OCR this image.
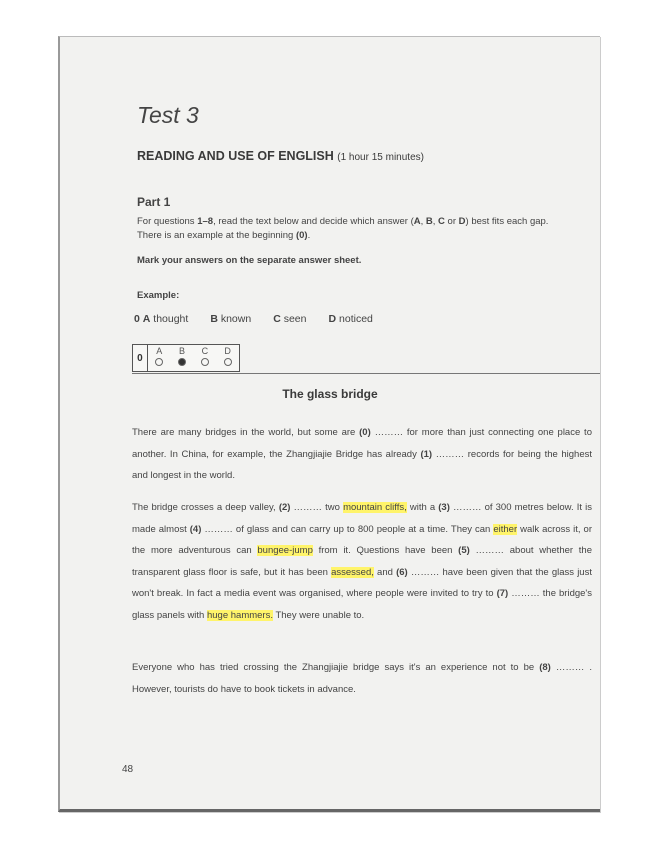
Test 3
READING AND USE OF ENGLISH (1 hour 15 minutes)
Part 1
For questions 1–8, read the text below and decide which answer (A, B, C or D) best fits each gap.
There is an example at the beginning (0).
Mark your answers on the separate answer sheet.
Example:
0 A thought B known C seen D noticed
0
A	B	C	D
The glass bridge
There are many bridges in the world, but some are (0) ……… for more than just connecting one place to another. In China, for example, the Zhangjiajie Bridge has already (1) ……… records for being the highest and longest in the world.
The bridge crosses a deep valley, (2) ……… two mountain cliffs, with a (3) ……… of 300 metres below. It is made almost (4) ……… of glass and can carry up to 800 people at a time. They can either walk across it, or the more adventurous can bungee-jump from it. Questions have been (5) ……… about whether the transparent glass floor is safe, but it has been assessed, and (6) ……… have been given that the glass just won't break. In fact a media event was organised, where people were invited to try to (7) ……… the bridge's glass panels with huge hammers. They were unable to.
Everyone who has tried crossing the Zhangjiajie bridge says it's an experience not to be (8) ……… . However, tourists do have to book tickets in advance.
48
